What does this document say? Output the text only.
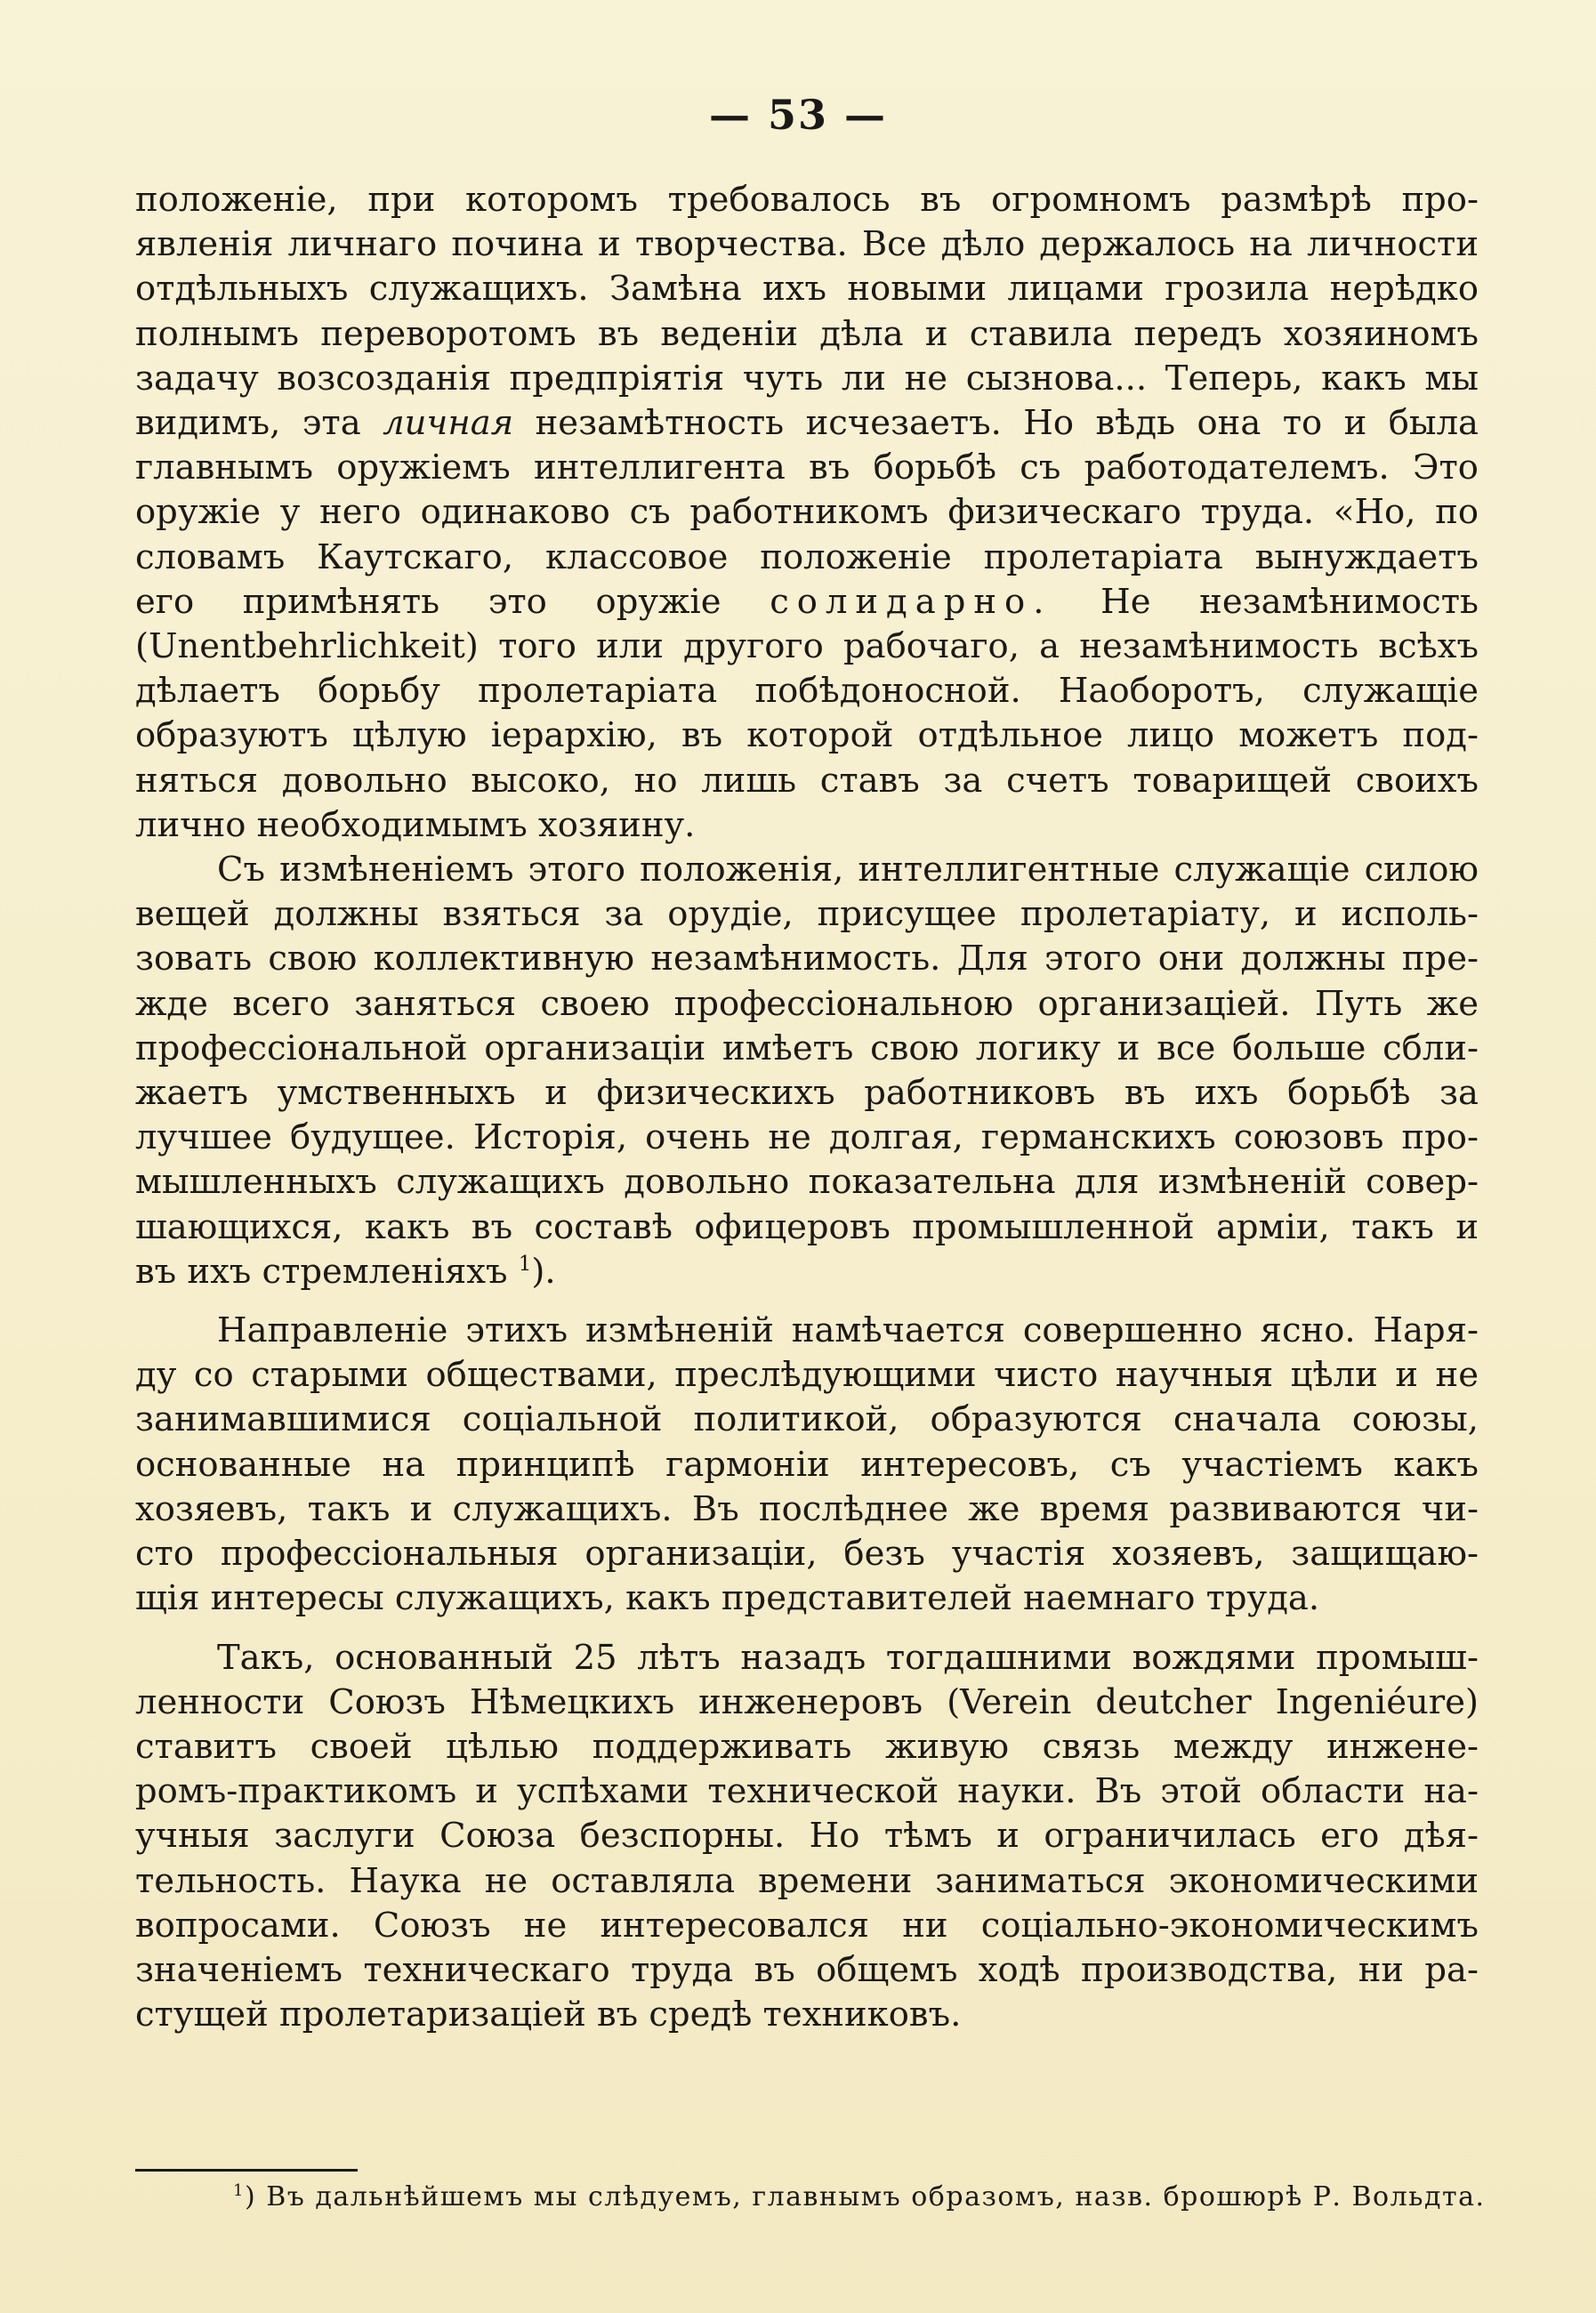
— 53 —
положеніе, при которомъ требовалось въ огромномъ размѣрѣ про-
явленія личнаго почина и творчества. Все дѣло держалось на личности
отдѣльныхъ служащихъ. Замѣна ихъ новыми лицами грозила нерѣдко
полнымъ переворотомъ въ веденіи дѣла и ставила передъ хозяиномъ
задачу возсозданія предпріятія чуть ли не сызнова... Теперь, какъ мы
видимъ, эта личная незамѣтность исчезаетъ. Но вѣдь она то и была
главнымъ оружіемъ интеллигента въ борьбѣ съ работодателемъ. Это
оружіе у него одинаково съ работникомъ физическаго труда. «Но, по
словамъ Каутскаго, классовое положеніе пролетаріата вынуждаетъ
его примѣнять это оружіе солидарно. Не незамѣнимость
(Unentbehrlichkeit) того или другого рабочаго, а незамѣнимость всѣхъ
дѣлаетъ борьбу пролетаріата побѣдоносной. Наоборотъ, служащіе
образуютъ цѣлую іерархію, въ которой отдѣльное лицо можетъ под-
няться довольно высоко, но лишь ставъ за счетъ товарищей своихъ
лично необходимымъ хозяину.
Съ измѣненіемъ этого положенія, интеллигентные служащіе силою
вещей должны взяться за орудіе, присущее пролетаріату, и исполь-
зовать свою коллективную незамѣнимость. Для этого они должны пре-
жде всего заняться своею профессіональною организаціей. Путь же
профессіональной организаціи имѣетъ свою логику и все больше сбли-
жаетъ умственныхъ и физическихъ работниковъ въ ихъ борьбѣ за
лучшее будущее. Исторія, очень не долгая, германскихъ союзовъ про-
мышленныхъ служащихъ довольно показательна для измѣненій совер-
шающихся, какъ въ составѣ офицеровъ промышленной арміи, такъ и
въ ихъ стремленіяхъ $^1$).
Направленіе этихъ измѣненій намѣчается совершенно ясно. Наря-
ду со старыми обществами, преслѣдующими чисто научныя цѣли и не
занимавшимися соціальной политикой, образуются сначала союзы,
основанные на принципѣ гармоніи интересовъ, съ участіемъ какъ
хозяевъ, такъ и служащихъ. Въ послѣднее же время развиваются чи-
сто профессіональныя организаціи, безъ участія хозяевъ, защищаю-
щія интересы служащихъ, какъ представителей наемнаго труда.
Такъ, основанный 25 лѣтъ назадъ тогдашними вождями промыш-
ленности Союзъ Нѣмецкихъ инженеровъ (Verein deutcher Ingeniéure)
ставитъ своей цѣлью поддерживать живую связь между инжене-
ромъ-практикомъ и успѣхами технической науки. Въ этой области на-
учныя заслуги Союза безспорны. Но тѣмъ и ограничилась его дѣя-
тельность. Наука не оставляла времени заниматься экономическими
вопросами. Союзъ не интересовался ни соціально-экономическимъ
значеніемъ техническаго труда въ общемъ ходѣ производства, ни ра-
стущей пролетаризаціей въ средѣ техниковъ.
$^1$) Въ дальнѣйшемъ мы слѣдуемъ, главнымъ образомъ, назв. брошюрѣ Р. Вольдта.
